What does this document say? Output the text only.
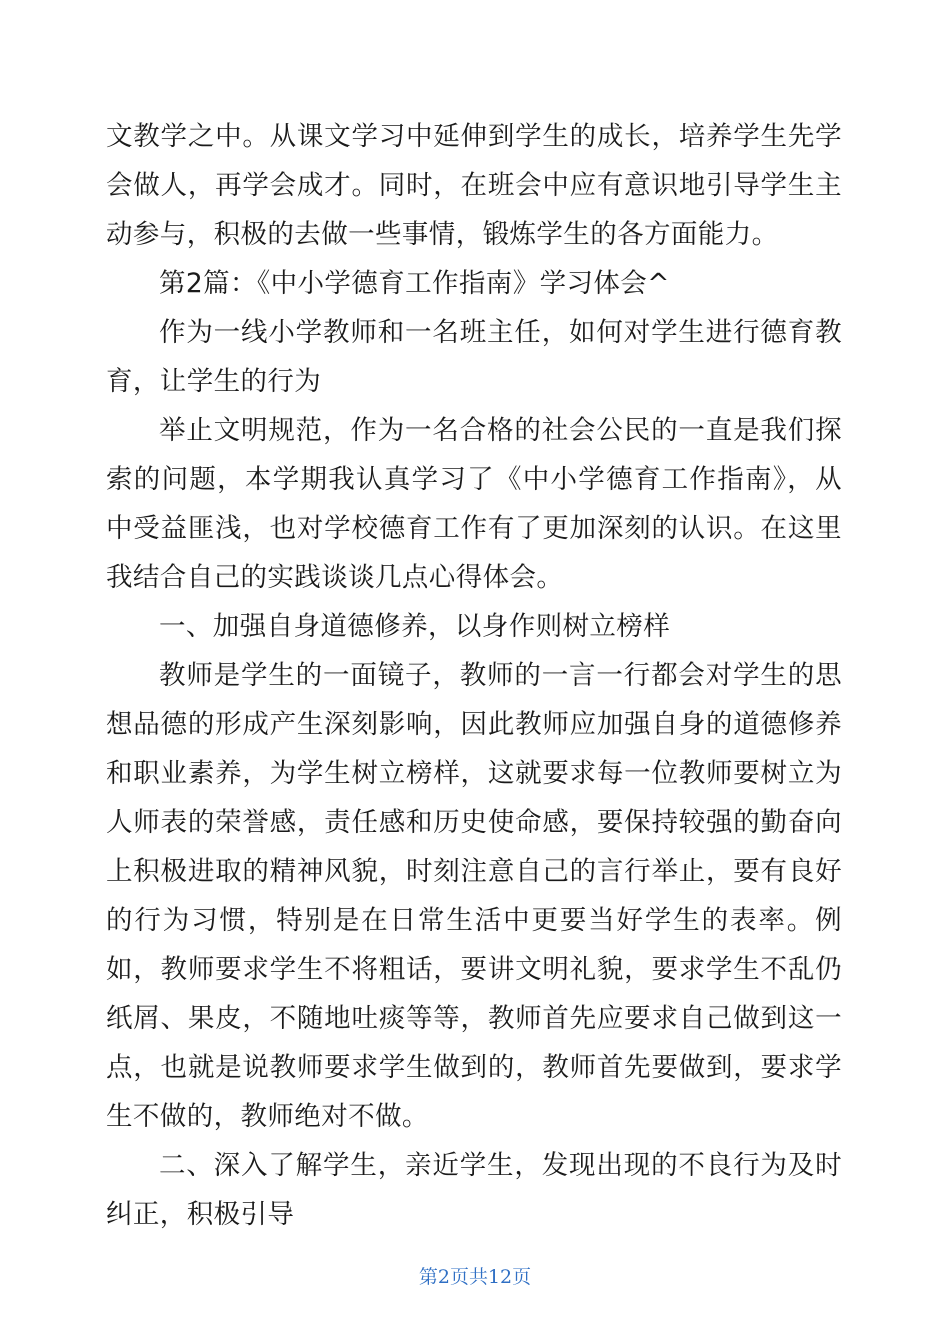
文教学之中。从课文学习中延伸到学生的成长，培养学生先学会做人，再学会成才。同时，在班会中应有意识地引导学生主动参与，积极的去做一些事情，锻炼学生的各方面能力。

第2篇：《中小学德育工作指南》学习体会^

作为一线小学教师和一名班主任，如何对学生进行德育教育，让学生的行为

举止文明规范，作为一名合格的社会公民的一直是我们探索的问题，本学期我认真学习了《中小学德育工作指南》，从中受益匪浅，也对学校德育工作有了更加深刻的认识。在这里我结合自己的实践谈谈几点心得体会。

一、加强自身道德修养，以身作则树立榜样

教师是学生的一面镜子，教师的一言一行都会对学生的思想品德的形成产生深刻影响，因此教师应加强自身的道德修养和职业素养，为学生树立榜样，这就要求每一位教师要树立为人师表的荣誉感，责任感和历史使命感，要保持较强的勤奋向上积极进取的精神风貌，时刻注意自己的言行举止，要有良好的行为习惯，特别是在日常生活中更要当好学生的表率。例如，教师要求学生不将粗话，要讲文明礼貌，要求学生不乱仍纸屑、果皮，不随地吐痰等等，教师首先应要求自己做到这一点，也就是说教师要求学生做到的，教师首先要做到，要求学生不做的，教师绝对不做。

二、深入了解学生，亲近学生，发现出现的不良行为及时纠正，积极引导

第2页共12页
